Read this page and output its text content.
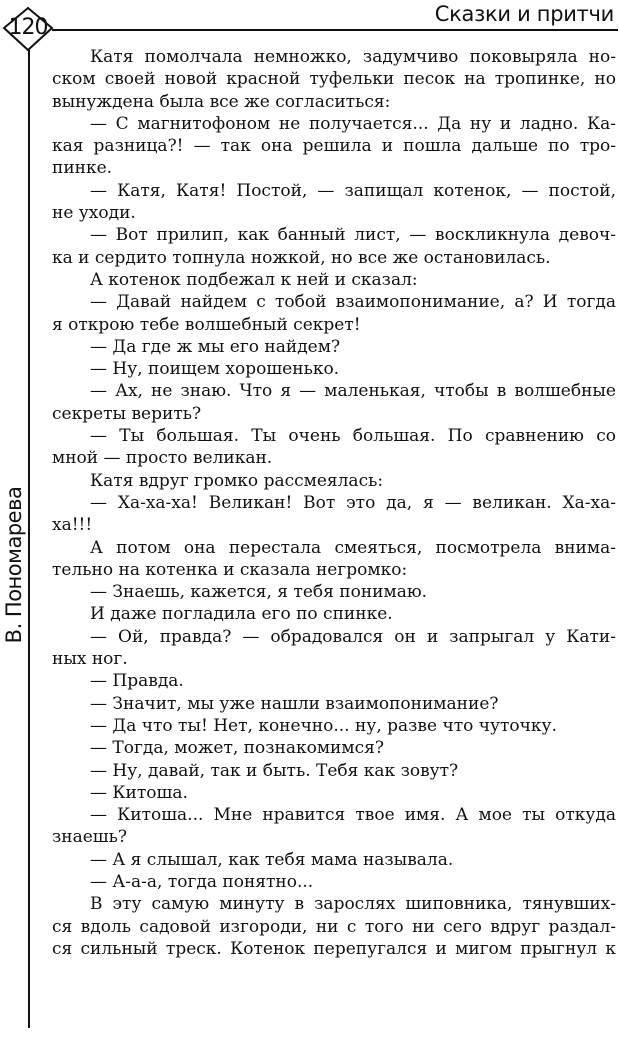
120
Сказки и притчи
В. Пономарева
Катя помолчала немножко, задумчиво поковыряла но-
ском своей новой красной туфельки песок на тропинке, но
вынуждена была все же согласиться:
— С магнитофоном не получается... Да ну и ладно. Ка-
кая разница?! — так она решила и пошла дальше по тро-
пинке.
— Катя, Катя! Постой, — запищал котенок, — постой,
не уходи.
— Вот прилип, как банный лист, — воскликнула девоч-
ка и сердито топнула ножкой, но все же остановилась.
А котенок подбежал к ней и сказал:
— Давай найдем с тобой взаимопонимание, а? И тогда
я открою тебе волшебный секрет!
— Да где ж мы его найдем?
— Ну, поищем хорошенько.
— Ах, не знаю. Что я — маленькая, чтобы в волшебные
секреты верить?
— Ты большая. Ты очень большая. По сравнению со
мной — просто великан.
Катя вдруг громко рассмеялась:
— Ха-ха-ха! Великан! Вот это да, я — великан. Ха-ха-
ха!!!
А потом она перестала смеяться, посмотрела внима-
тельно на котенка и сказала негромко:
— Знаешь, кажется, я тебя понимаю.
И даже погладила его по спинке.
— Ой, правда? — обрадовался он и запрыгал у Кати-
ных ног.
— Правда.
— Значит, мы уже нашли взаимопонимание?
— Да что ты! Нет, конечно... ну, разве что чуточку.
— Тогда, может, познакомимся?
— Ну, давай, так и быть. Тебя как зовут?
— Китоша.
— Китоша... Мне нравится твое имя. А мое ты откуда
знаешь?
— А я слышал, как тебя мама называла.
— А-а-а, тогда понятно...
В эту самую минуту в зарослях шиповника, тянувших-
ся вдоль садовой изгороди, ни с того ни сего вдруг раздал-
ся сильный треск. Котенок перепугался и мигом прыгнул к
